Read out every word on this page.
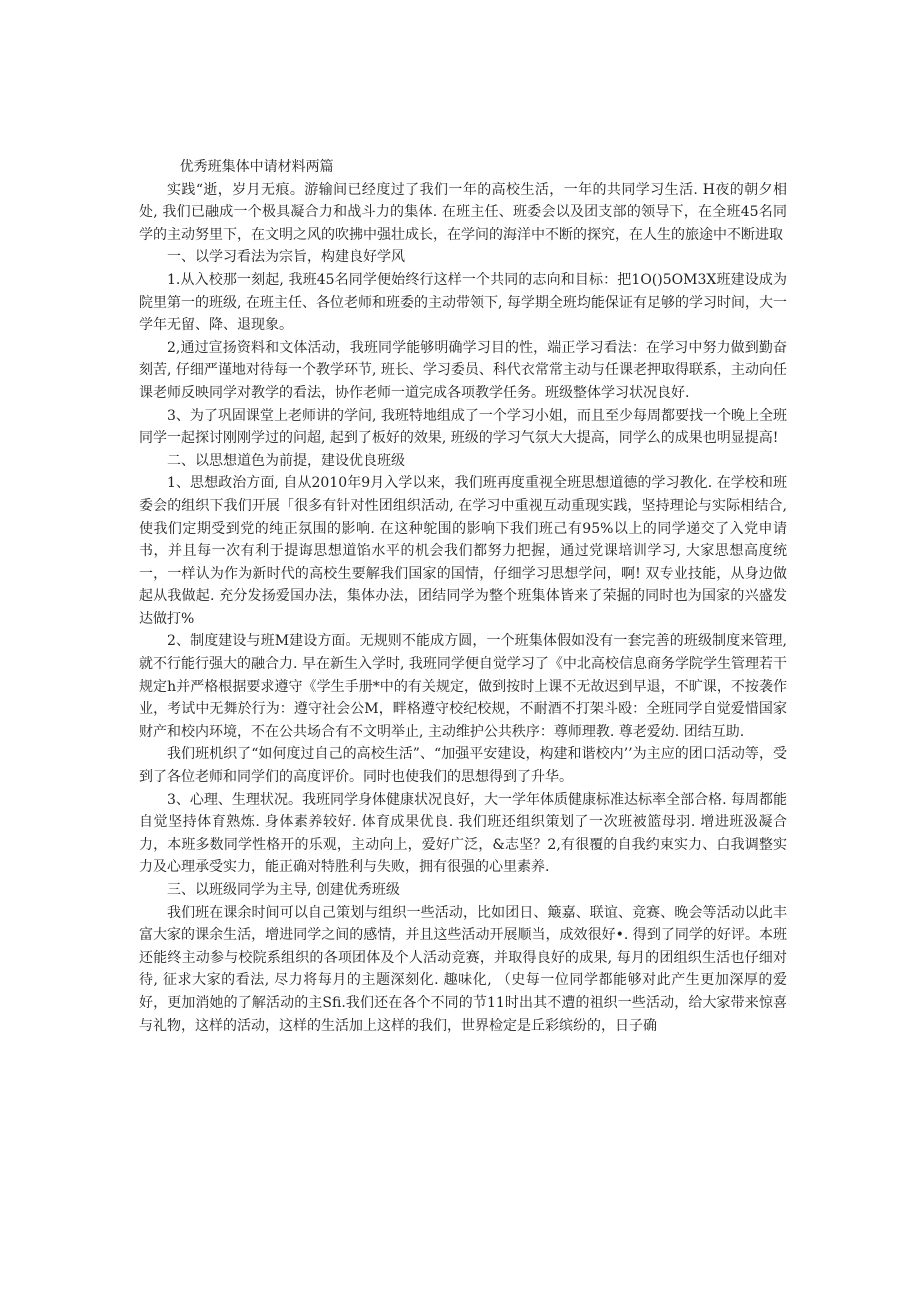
优秀班集体中请材料两篇

实践“逝，岁月无痕。游输间已经度过了我们一年的高校生活，一年的共同学习生活. H夜的朝夕相处, 我们已融成一个极具凝合力和战斗力的集体. 在班主任、班委会以及团支部的领导下，在全班45名同学的主动努里下，在文明之风的吹拂中强壮成长，在学问的海洋中不断的探究，在人生的旅途中不断进取

一、以学习看法为宗旨，构建良好学风

1.从入校那一刻起, 我班45名同学便始终行这样一个共同的志向和目标：把1O()5OM3X班建设成为院里第一的班级, 在班主任、各位老师和班委的主动带领下, 每学期全班均能保证有足够的学习时间，大一学年无留、降、退现象。

2,通过宣扬资料和文体活动，我班同学能够明确学习目的性，端正学习看法：在学习中努力做到勤奋刻苦, 仔细严谨地对待每一个教学环节, 班长、学习委员、科代衣常常主动与任课老押取得联系，主动向任课老师反映同学对教学的看法，协作老师一道完成各项教学任务。班级整体学习状况良好.

3、为了巩固课堂上老师讲的学问, 我班特地组成了一个学习小姐，而且至少每周都要找一个晚上全班同学一起探讨刚刚学过的问超, 起到了板好的效果, 班级的学习气氛大大提高，同学么的成果也明显提高!

二、以思想道色为前提，建设优良班级

1、思想政治方面, 自从2010年9月入学以来，我们班再度重视全班思想道德的学习教化. 在学校和班委会的组织下我们开展「很多有针对性团组织活动, 在学习中重视互动重现实践，坚持理论与实际相结合, 使我们定期受到党的纯正氛围的影响. 在这种鸵围的影响下我们班己有95%以上的同学递交了入党申请书，并且每一次有利于提诲思想道馅水平的机会我们都努力把握，通过党课培训学习, 大家思想高度统一，一样认为作为新时代的高校生要解我们国家的国情，仔细学习思想学问，啊! 双专业技能，从身边做起从我做起. 充分发扬爱国办法，集体办法，团结同学为整个班集体皆来了荣掘的同时也为国家的兴盛发达做打%

2、制度建设与班M建设方面。无规则不能成方圆，一个班集体假如没有一套完善的班级制度来管理, 就不行能行强大的融合力. 早在新生入学时, 我班同学便自觉学习了《中北高校信息商务学院学生管理若干规定h并严格根据要求遵守《学生手册*中的有关规定，做到按时上课不无故迟到早退，不旷课，不按袭作业，考试中无舞於行为：遵守社会公M，畔格遵守校纪校规，不耐酒不打架斗殴：全班同学自觉爱惜国家财产和校内环境，不在公共场合有不文明举止, 主动维护公共秩序：尊师理教. 尊老爱幼. 团结互助.

我们班机织了“如何度过自己的高校生活”、“加强平安建设，构建和谐校内’’为主应的团口活动等，受到了各位老师和同学们的高度评价。同时也使我们的思想得到了升华。

3、心理、生理状况。我班同学身体健康状况良好，大一学年体质健康标准达标率全部合格. 每周都能自觉坚持体育熟炼. 身体素养较好. 体育成果优良. 我们班还组织策划了一次班被篮母羽. 增进班汲凝合力，本班多数同学性格开的乐观，主动向上，爱好广泛，&志坚？2,有很覆的自我约束实力、白我调整实力及心理承受实力，能正确对特胜利与失败，拥有很强的心里素养.

三、以班级同学为主导, 创建优秀班级

我们班在课余时间可以自己策划与组织一些活动，比如团日、簸嘉、联谊、竞赛、晚会等活动以此丰富大家的课余生活，增进同学之间的感情，并且这些活动开展顺当，成效很好•. 得到了同学的好评。本班还能终主动参与校院系组织的各项团体及个人活动竞赛，并取得良好的成果, 每月的团组织生活也仔细对待, 征求大家的看法, 尽力将每月的主题深刻化. 趣味化, （史每一位同学都能够对此产生更加深厚的爱好，更加消她的了解活动的主Sfi.我们还在各个不同的节11时出其不遭的祖织一些活动，给大家带来惊喜与礼物，这样的活动，这样的生活加上这样的我们，世界检定是丘彩缤纷的，日子确
